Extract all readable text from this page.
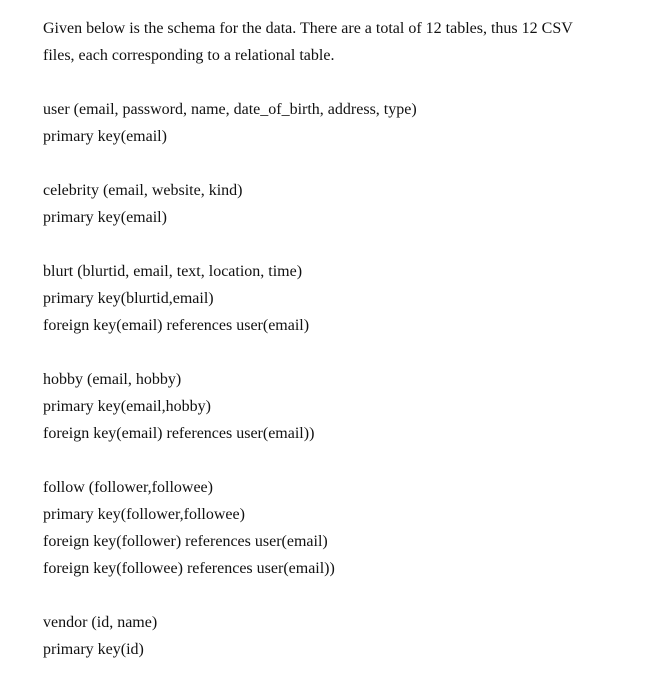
Given below is the schema for the data. There are a total of 12 tables, thus 12 CSV
files, each corresponding to a relational table.
user (email, password, name, date_of_birth, address, type)
primary key(email)
celebrity (email, website, kind)
primary key(email)
blurt (blurtid, email, text, location, time)
primary key(blurtid,email)
foreign key(email) references user(email)
hobby (email, hobby)
primary key(email,hobby)
foreign key(email) references user(email))
follow (follower,followee)
primary key(follower,followee)
foreign key(follower) references user(email)
foreign key(followee) references user(email))
vendor (id, name)
primary key(id)
